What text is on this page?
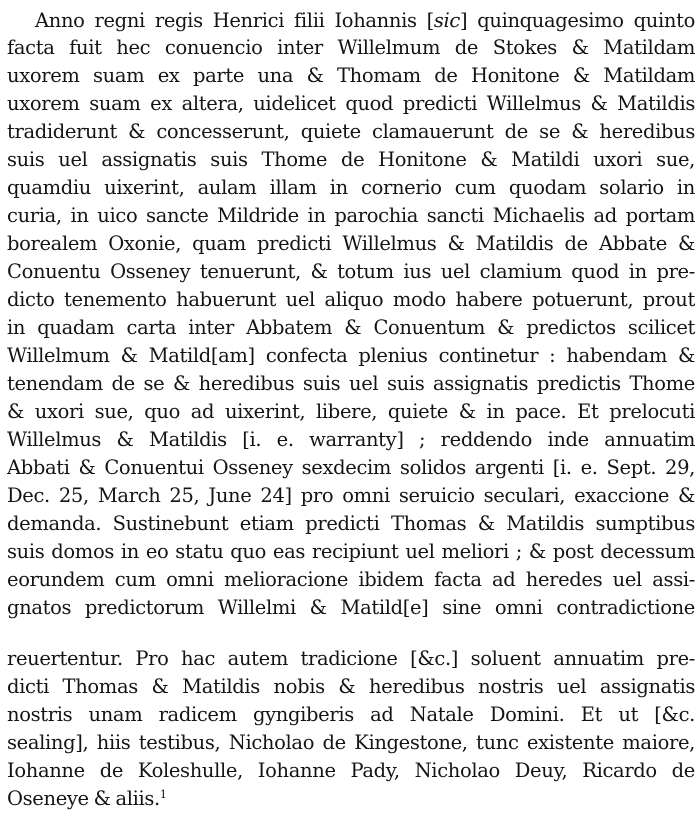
Anno regni regis Henrici filii Iohannis [sic] quinquagesimo quinto
facta fuit hec conuencio inter Willelmum de Stokes & Matildam
uxorem suam ex parte una & Thomam de Honitone & Matildam
uxorem suam ex altera, uidelicet quod predicti Willelmus & Matildis
tradiderunt & concesserunt, quiete clamauerunt de se & heredibus
suis uel assignatis suis Thome de Honitone & Matildi uxori sue,
quamdiu uixerint, aulam illam in cornerio cum quodam solario in
curia, in uico sancte Mildride in parochia sancti Michaelis ad portam
borealem Oxonie, quam predicti Willelmus & Matildis de Abbate &
Conuentu Osseney tenuerunt, & totum ius uel clamium quod in pre-
dicto tenemento habuerunt uel aliquo modo habere potuerunt, prout
in quadam carta inter Abbatem & Conuentum & predictos scilicet
Willelmum & Matild[am] confecta plenius continetur : habendam &
tenendam de se & heredibus suis uel suis assignatis predictis Thome
& uxori sue, quo ad uixerint, libere, quiete & in pace. Et prelocuti
Willelmus & Matildis [i. e. warranty] ; reddendo inde annuatim
Abbati & Conuentui Osseney sexdecim solidos argenti [i. e. Sept. 29,
Dec. 25, March 25, June 24] pro omni seruicio seculari, exaccione &
demanda. Sustinebunt etiam predicti Thomas & Matildis sumptibus
suis domos in eo statu quo eas recipiunt uel meliori ; & post decessum
eorundem cum omni melioracione ibidem facta ad heredes uel assi-
gnatos predictorum Willelmi & Matild[e] sine omni contradictione
reuertentur. Pro hac autem tradicione [&c.] soluent annuatim pre-
dicti Thomas & Matildis nobis & heredibus nostris uel assignatis
nostris unam radicem gyngiberis ad Natale Domini. Et ut [&c.
sealing], hiis testibus, Nicholao de Kingestone, tunc existente maiore,
Iohanne de Koleshulle, Iohanne Pady, Nicholao Deuy, Ricardo de
Oseneye & aliis.$^1$
